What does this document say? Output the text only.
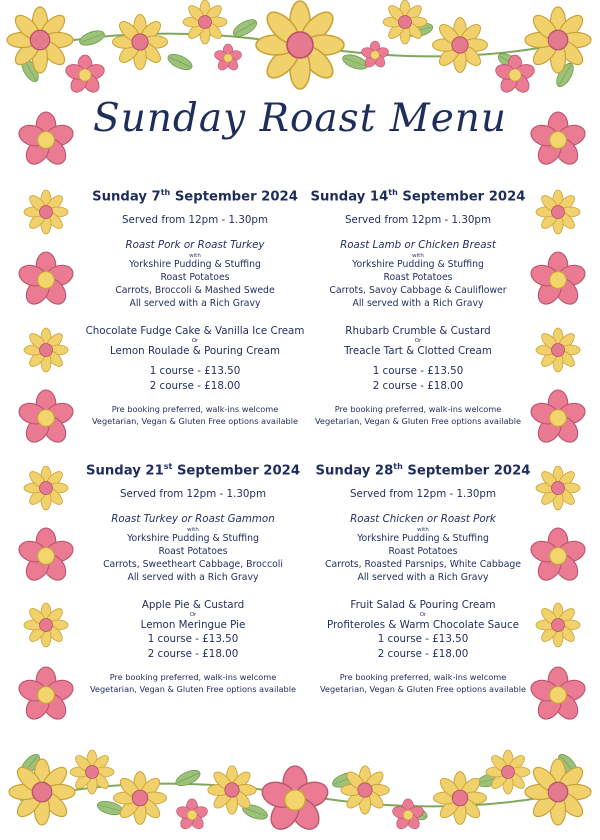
Sunday Roast Menu
Sunday 7th September 2024
Served from 12pm - 1.30pm
Roast Pork or Roast Turkey
with
Yorkshire Pudding & Stuffing
Roast Potatoes
Carrots, Broccoli & Mashed Swede
All served with a Rich Gravy
Chocolate Fudge Cake & Vanilla Ice Cream
Or
Lemon Roulade & Pouring Cream
1 course - £13.50
2 course - £18.00
Pre booking preferred, walk-ins welcome
Vegetarian, Vegan & Gluten Free options available
Sunday 14th September 2024
Served from 12pm - 1.30pm
Roast Lamb or Chicken Breast
with
Yorkshire Pudding & Stuffing
Roast Potatoes
Carrots, Savoy Cabbage & Cauliflower
All served with a Rich Gravy
Rhubarb Crumble & Custard
Or
Treacle Tart & Clotted Cream
1 course - £13.50
2 course - £18.00
Pre booking preferred, walk-ins welcome
Vegetarian, Vegan & Gluten Free options available
Sunday 21st September 2024
Served from 12pm - 1.30pm
Roast Turkey or Roast Gammon
with
Yorkshire Pudding & Stuffing
Roast Potatoes
Carrots, Sweetheart Cabbage, Broccoli
All served with a Rich Gravy
Apple Pie & Custard
Or
Lemon Meringue Pie
1 course - £13.50
2 course - £18.00
Pre booking preferred, walk-ins welcome
Vegetarian, Vegan & Gluten Free options available
Sunday 28th September 2024
Served from 12pm - 1.30pm
Roast Chicken or Roast Pork
with
Yorkshire Pudding & Stuffing
Roast Potatoes
Carrots, Roasted Parsnips, White Cabbage
All served with a Rich Gravy
Fruit Salad & Pouring Cream
Or
Profiteroles & Warm Chocolate Sauce
1 course - £13.50
2 course - £18.00
Pre booking preferred, walk-ins welcome
Vegetarian, Vegan & Gluten Free options available
